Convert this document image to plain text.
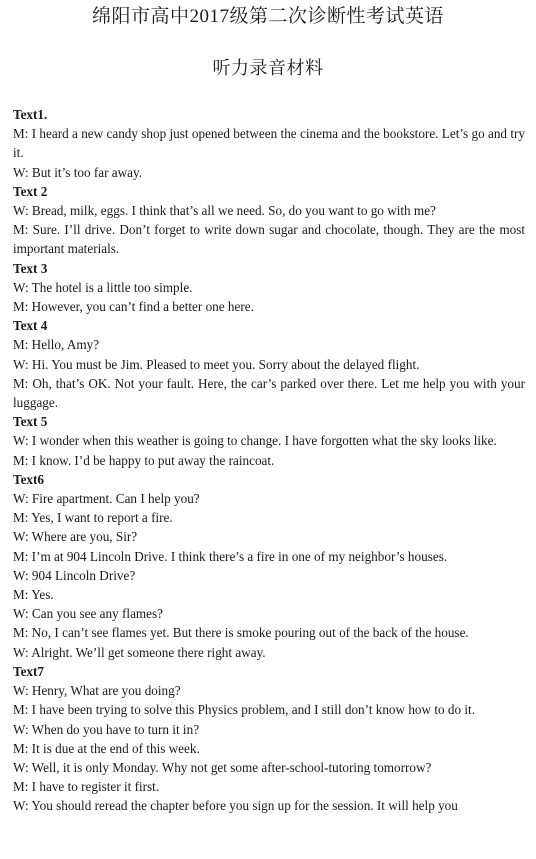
绵阳市高中2017级第二次诊断性考试英语
听力录音材料

Text1.

M: I heard a new candy shop just opened between the cinema and the bookstore. Let’s go and try it.

W: But it’s too far away.

Text 2

W: Bread, milk, eggs. I think that’s all we need. So, do you want to go with me?

M: Sure. I’ll drive. Don’t forget to write down sugar and chocolate, though. They are the most important materials.

Text 3

W: The hotel is a little too simple.

M: However, you can’t find a better one here.

Text 4

M: Hello, Amy?

W: Hi. You must be Jim. Pleased to meet you. Sorry about the delayed flight.

M: Oh, that’s OK. Not your fault. Here, the car’s parked over there. Let me help you with your luggage.

Text 5

W: I wonder when this weather is going to change. I have forgotten what the sky looks like.

M: I know. I’d be happy to put away the raincoat.

Text6

W: Fire apartment. Can I help you?

M: Yes, I want to report a fire.

W: Where are you, Sir?

M: I’m at 904 Lincoln Drive. I think there’s a fire in one of my neighbor’s houses.

W: 904 Lincoln Drive?

M: Yes.

W: Can you see any flames?

M: No, I can’t see flames yet. But there is smoke pouring out of the back of the house.

W: Alright. We’ll get someone there right away.

Text7

W: Henry, What are you doing?

M: I have been trying to solve this Physics problem, and I still don’t know how to do it.

W: When do you have to turn it in?

M: It is due at the end of this week.

W: Well, it is only Monday. Why not get some after-school-tutoring tomorrow?

M: I have to register it first.

W: You should reread the chapter before you sign up for the session. It will help you
